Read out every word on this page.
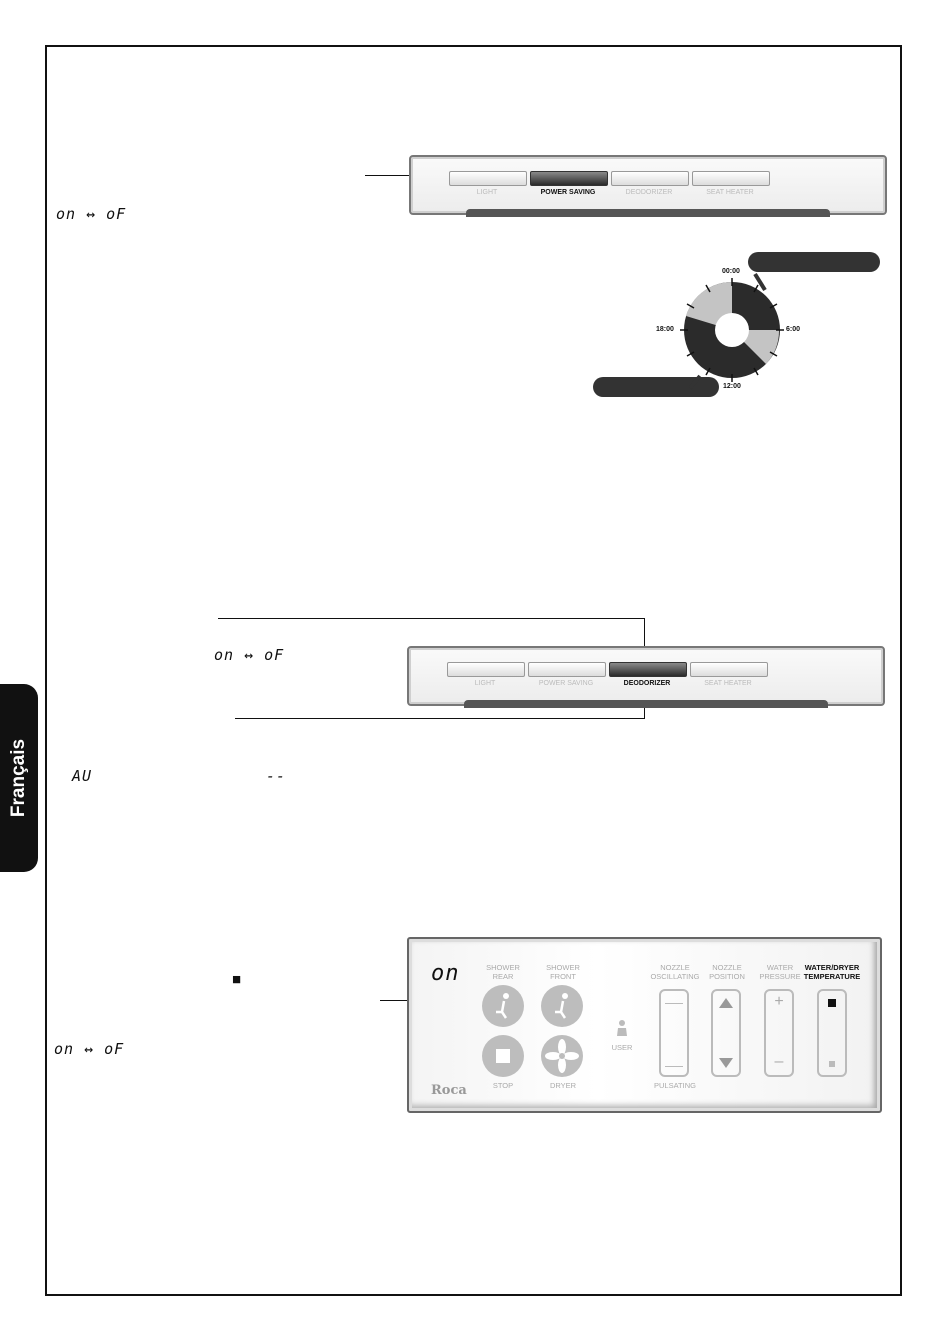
Français
on ↔ oF
LIGHT	POWER SAVING	DEODORIZER	SEAT HEATER
00:00
6:00
12:00
18:00
on ↔ oF
LIGHT	POWER SAVING	DEODORIZER	SEAT HEATER
AU	--
■
on ↔ oF
on	SHOWER
REAR
SHOWER
FRONT
STOP	DRYER
USER
NOZZLE
OSCILLATING
PULSATING
NOZZLE
POSITION
WATER
PRESSURE
+
–
WATER/DRYER
TEMPERATURE
Roca
